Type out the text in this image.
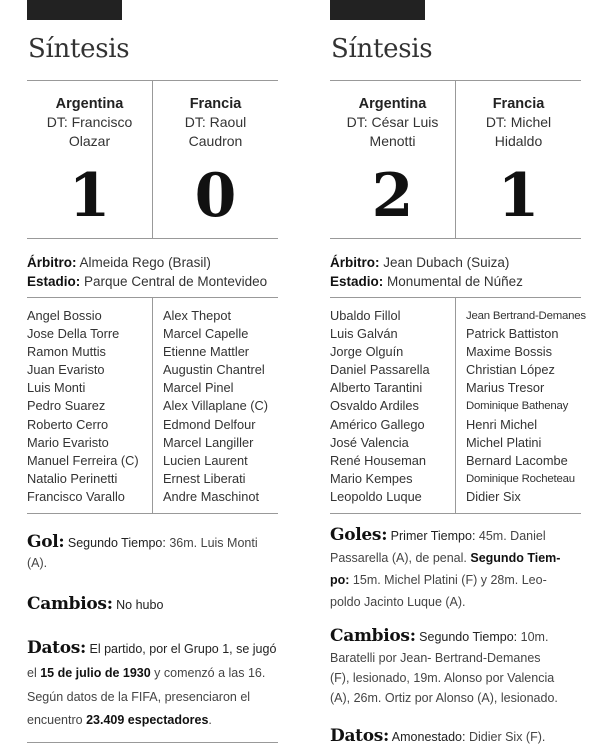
Síntesis
Argentina
DT: Francisco
Olazar
1
Francia
DT: Raoul
Caudron
0
Árbitro: Almeida Rego (Brasil)
Estadio: Parque Central de Montevideo
Angel Bossio
Jose Della Torre
Ramon Muttis
Juan Evaristo
Luis Monti
Pedro Suarez
Roberto Cerro
Mario Evaristo
Manuel Ferreira (C)
Natalio Perinetti
Francisco Varallo
Alex Thepot
Marcel Capelle
Etienne Mattler
Augustin Chantrel
Marcel Pinel
Alex Villaplane (C)
Edmond Delfour
Marcel Langiller
Lucien Laurent
Ernest Liberati
Andre Maschinot
Gol: Segundo Tiempo: 36m. Luis Monti
(A).
Cambios: No hubo
Datos: El partido, por el Grupo 1, se jugó
el 15 de julio de 1930 y comenzó a las 16.
Según datos de la FIFA, presenciaron el
encuentro 23.409 espectadores.
Síntesis
Argentina
DT: César Luis
Menotti
2
Francia
DT: Michel
Hidaldo
1
Árbitro: Jean Dubach (Suiza)
Estadio: Monumental de Núñez
Ubaldo Fillol
Luis Galván
Jorge Olguín
Daniel Passarella
Alberto Tarantini
Osvaldo Ardiles
Américo Gallego
José Valencia
René Houseman
Mario Kempes
Leopoldo Luque
Jean Bertrand-Demanes
Patrick Battiston
Maxime Bossis
Christian López
Marius Tresor
Dominique Bathenay
Henri Michel
Michel Platini
Bernard Lacombe
Dominique Rocheteau
Didier Six
Goles: Primer Tiempo: 45m. Daniel
Passarella (A), de penal. Segundo Tiem-
po: 15m. Michel Platini (F) y 28m. Leo-
poldo Jacinto Luque (A).
Cambios: Segundo Tiempo: 10m.
Baratelli por Jean- Bertrand-Demanes
(F), lesionado, 19m. Alonso por Valencia
(A), 26m. Ortiz por Alonso (A), lesionado.
Datos: Amonestado: Didier Six (F).
